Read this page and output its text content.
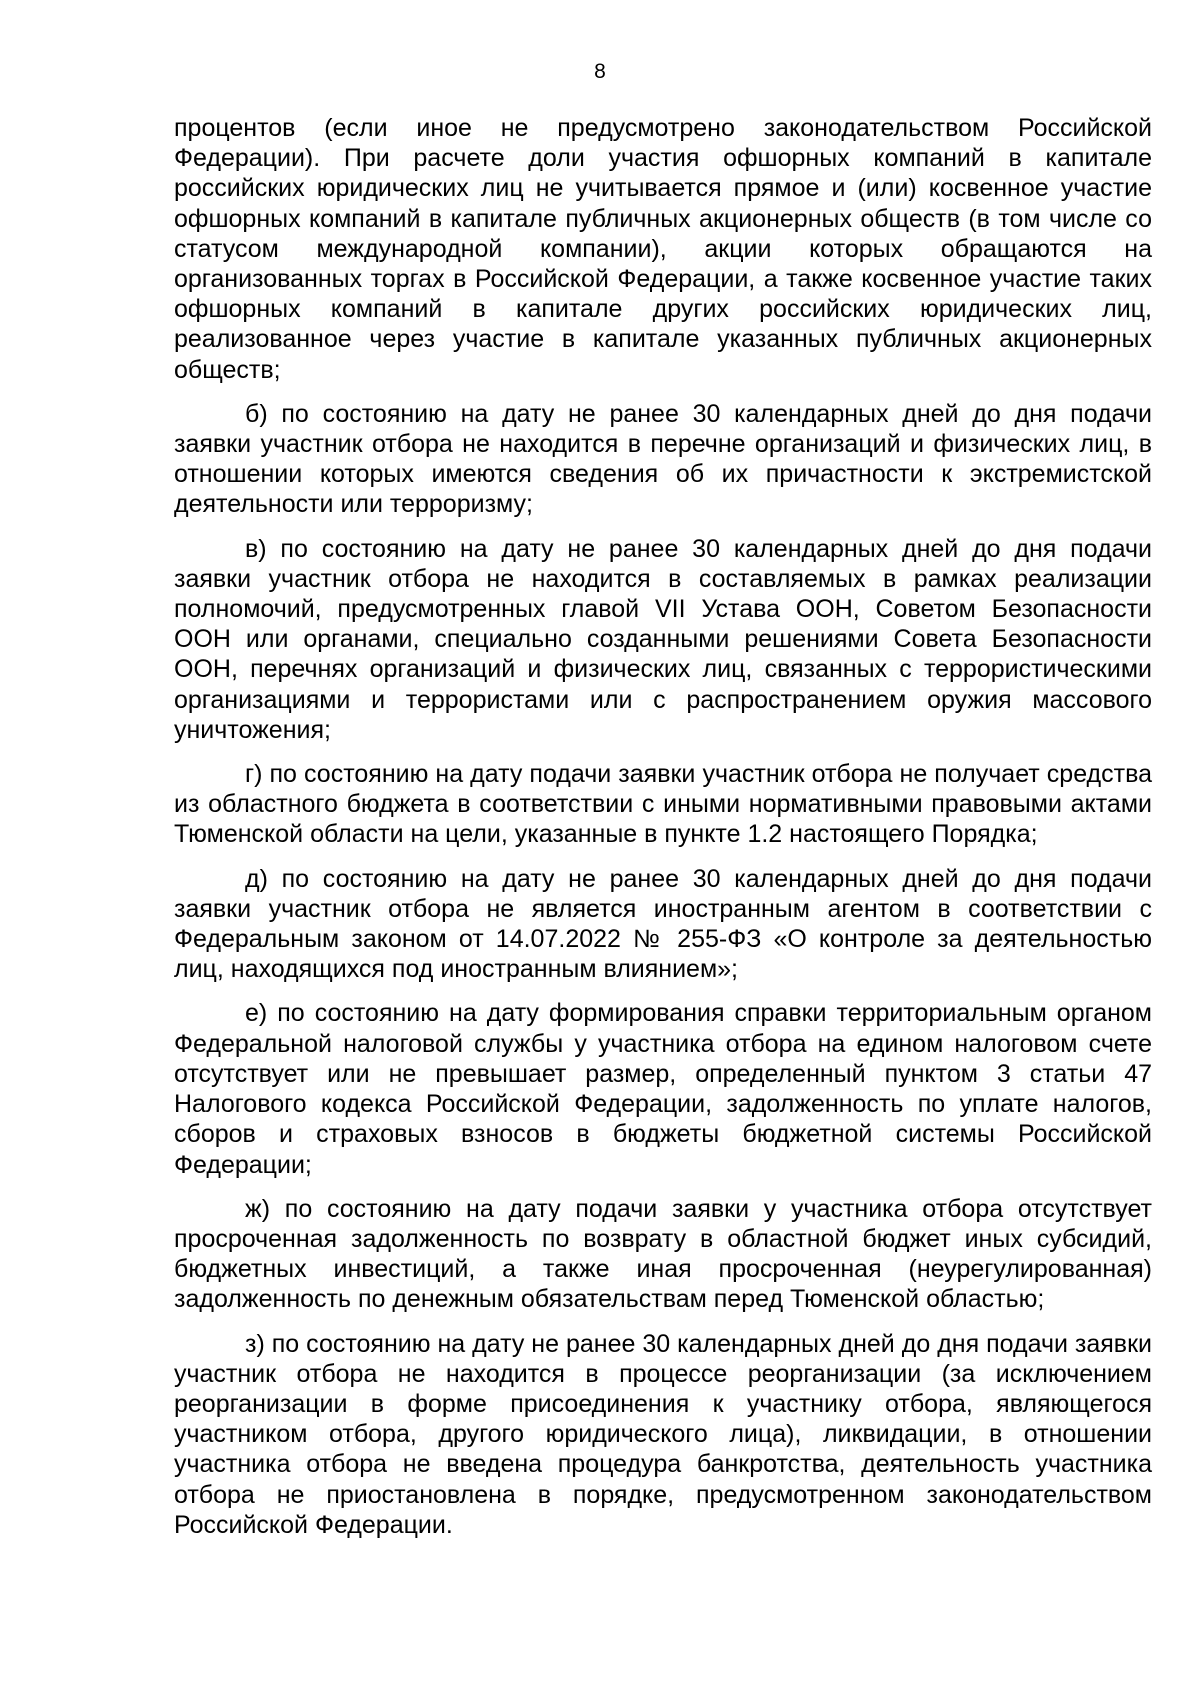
8

процентов (если иное не предусмотрено законодательством Российской Федерации). При расчете доли участия офшорных компаний в капитале российских юридических лиц не учитывается прямое и (или) косвенное участие офшорных компаний в капитале публичных акционерных обществ (в том числе со статусом международной компании), акции которых обращаются на организованных торгах в Российской Федерации, а также косвенное участие таких офшорных компаний в капитале других российских юридических лиц, реализованное через участие в капитале указанных публичных акционерных обществ;

б) по состоянию на дату не ранее 30 календарных дней до дня подачи заявки участник отбора не находится в перечне организаций и физических лиц, в отношении которых имеются сведения об их причастности к экстремистской деятельности или терроризму;

в) по состоянию на дату не ранее 30 календарных дней до дня подачи заявки участник отбора не находится в составляемых в рамках реализации полномочий, предусмотренных главой VII Устава ООН, Советом Безопасности ООН или органами, специально созданными решениями Совета Безопасности ООН, перечнях организаций и физических лиц, связанных с террористическими организациями и террористами или с распространением оружия массового уничтожения;

г) по состоянию на дату подачи заявки участник отбора не получает средства из областного бюджета в соответствии с иными нормативными правовыми актами Тюменской области на цели, указанные в пункте 1.2 настоящего Порядка;

д) по состоянию на дату не ранее 30 календарных дней до дня подачи заявки участник отбора не является иностранным агентом в соответствии с Федеральным законом от 14.07.2022 № 255-ФЗ «О контроле за деятельностью лиц, находящихся под иностранным влиянием»;

е) по состоянию на дату формирования справки территориальным органом Федеральной налоговой службы у участника отбора на едином налоговом счете отсутствует или не превышает размер, определенный пунктом 3 статьи 47 Налогового кодекса Российской Федерации, задолженность по уплате налогов, сборов и страховых взносов в бюджеты бюджетной системы Российской Федерации;

ж) по состоянию на дату подачи заявки у участника отбора отсутствует просроченная задолженность по возврату в областной бюджет иных субсидий, бюджетных инвестиций, а также иная просроченная (неурегулированная) задолженность по денежным обязательствам перед Тюменской областью;

з) по состоянию на дату не ранее 30 календарных дней до дня подачи заявки участник отбора не находится в процессе реорганизации (за исключением реорганизации в форме присоединения к участнику отбора, являющегося участником отбора, другого юридического лица), ликвидации, в отношении участника отбора не введена процедура банкротства, деятельность участника отбора не приостановлена в порядке, предусмотренном законодательством Российской Федерации.
